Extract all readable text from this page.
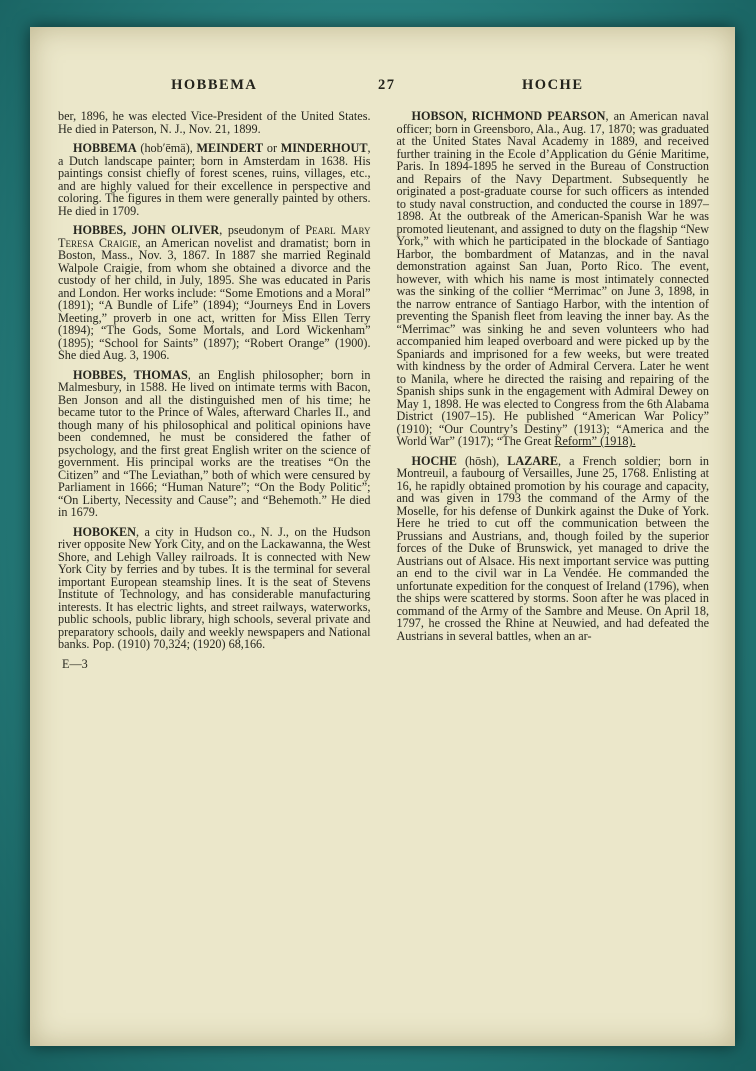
HOBBEMA	27	HOCHE

ber, 1896, he was elected Vice-President of the United States. He died in Paterson, N. J., Nov. 21, 1899.

HOBBEMA (hob′ēmä), MEINDERT or MINDERHOUT, a Dutch landscape painter; born in Amsterdam in 1638. His paintings consist chiefly of forest scenes, ruins, villages, etc., and are highly valued for their excellence in perspective and coloring. The figures in them were generally painted by others. He died in 1709.

HOBBES, JOHN OLIVER, pseudonym of Pearl Mary Teresa Craigie, an American novelist and dramatist; born in Boston, Mass., Nov. 3, 1867. In 1887 she married Reginald Walpole Craigie, from whom she obtained a divorce and the custody of her child, in July, 1895. She was educated in Paris and London. Her works include: “Some Emotions and a Moral” (1891); “A Bundle of Life” (1894); “Journeys End in Lovers Meeting,” proverb in one act, written for Miss Ellen Terry (1894); “The Gods, Some Mortals, and Lord Wickenham” (1895); “School for Saints” (1897); “Robert Orange” (1900). She died Aug. 3, 1906.

HOBBES, THOMAS, an English philosopher; born in Malmesbury, in 1588. He lived on intimate terms with Bacon, Ben Jonson and all the distinguished men of his time; he became tutor to the Prince of Wales, afterward Charles II., and though many of his philosophical and political opinions have been condemned, he must be considered the father of psychology, and the first great English writer on the science of government. His principal works are the treatises “On the Citizen” and “The Leviathan,” both of which were censured by Parliament in 1666; “Human Nature”; “On the Body Politic”; “On Liberty, Necessity and Cause”; and “Behemoth.” He died in 1679.

HOBOKEN, a city in Hudson co., N. J., on the Hudson river opposite New York City, and on the Lackawanna, the West Shore, and Lehigh Valley railroads. It is connected with New York City by ferries and by tubes. It is the terminal for several important European steamship lines. It is the seat of Stevens Institute of Technology, and has considerable manufacturing interests. It has electric lights, and street railways, waterworks, public schools, public library, high schools, several private and preparatory schools, daily and weekly newspapers and National banks. Pop. (1910) 70,324; (1920) 68,166.

E—3

HOBSON, RICHMOND PEARSON, an American naval officer; born in Greensboro, Ala., Aug. 17, 1870; was graduated at the United States Naval Academy in 1889, and received further training in the Ecole d’Application du Génie Maritime, Paris. In 1894-1895 he served in the Bureau of Construction and Repairs of the Navy Department. Subsequently he originated a post-graduate course for such officers as intended to study naval construction, and conducted the course in 1897–1898. At the outbreak of the American-Spanish War he was promoted lieutenant, and assigned to duty on the flagship “New York,” with which he participated in the blockade of Santiago Harbor, the bombardment of Matanzas, and in the naval demonstration against San Juan, Porto Rico. The event, however, with which his name is most intimately connected was the sinking of the collier “Merrimac” on June 3, 1898, in the narrow entrance of Santiago Harbor, with the intention of preventing the Spanish fleet from leaving the inner bay. As the “Merrimac” was sinking he and seven volunteers who had accompanied him leaped overboard and were picked up by the Spaniards and imprisoned for a few weeks, but were treated with kindness by the order of Admiral Cervera. Later he went to Manila, where he directed the raising and repairing of the Spanish ships sunk in the engagement with Admiral Dewey on May 1, 1898. He was elected to Congress from the 6th Alabama District (1907–15). He published “American War Policy” (1910); “Our Country’s Destiny” (1913); “America and the World War” (1917); “The Great Reform” (1918).

HOCHE (hōsh), LAZARE, a French soldier; born in Montreuil, a faubourg of Versailles, June 25, 1768. Enlisting at 16, he rapidly obtained promotion by his courage and capacity, and was given in 1793 the command of the Army of the Moselle, for his defense of Dunkirk against the Duke of York. Here he tried to cut off the communication between the Prussians and Austrians, and, though foiled by the superior forces of the Duke of Brunswick, yet managed to drive the Austrians out of Alsace. His next important service was putting an end to the civil war in La Vendée. He commanded the unfortunate expedition for the conquest of Ireland (1796), when the ships were scattered by storms. Soon after he was placed in command of the Army of the Sambre and Meuse. On April 18, 1797, he crossed the Rhine at Neuwied, and had defeated the Austrians in several battles, when an ar-
